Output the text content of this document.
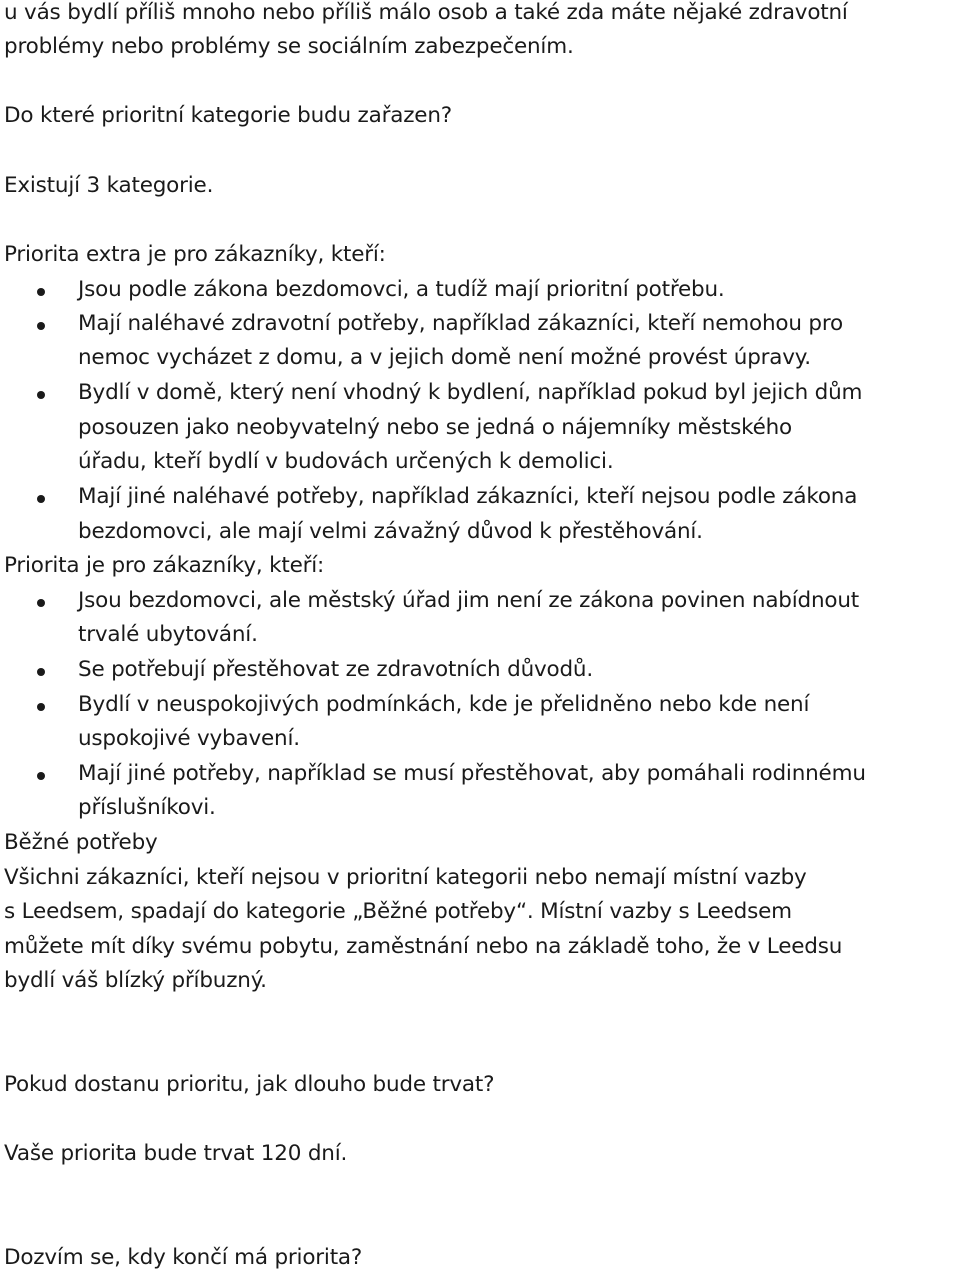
u vás bydlí příliš mnoho nebo příliš málo osob a také zda máte nějaké zdravotní
problémy nebo problémy se sociálním zabezpečením.
Do které prioritní kategorie budu zařazen?
Existují 3 kategorie.
Priorita extra je pro zákazníky, kteří:
Jsou podle zákona bezdomovci, a tudíž mají prioritní potřebu.
Mají naléhavé zdravotní potřeby, například zákazníci, kteří nemohou pro
nemoc vycházet z domu, a v jejich domě není možné provést úpravy.
Bydlí v domě, který není vhodný k bydlení, například pokud byl jejich dům
posouzen jako neobyvatelný nebo se jedná o nájemníky městského
úřadu, kteří bydlí v budovách určených k demolici.
Mají jiné naléhavé potřeby, například zákazníci, kteří nejsou podle zákona
bezdomovci, ale mají velmi závažný důvod k přestěhování.
Priorita je pro zákazníky, kteří:
Jsou bezdomovci, ale městský úřad jim není ze zákona povinen nabídnout
trvalé ubytování.
Se potřebují přestěhovat ze zdravotních důvodů.
Bydlí v neuspokojivých podmínkách, kde je přelidněno nebo kde není
uspokojivé vybavení.
Mají jiné potřeby, například se musí přestěhovat, aby pomáhali rodinnému
příslušníkovi.
Běžné potřeby
Všichni zákazníci, kteří nejsou v prioritní kategorii nebo nemají místní vazby
s Leedsem, spadají do kategorie „Běžné potřeby“. Místní vazby s Leedsem
můžete mít díky svému pobytu, zaměstnání nebo na základě toho, že v Leedsu
bydlí váš blízký příbuzný.
Pokud dostanu prioritu, jak dlouho bude trvat?
Vaše priorita bude trvat 120 dní.
Dozvím se, kdy končí má priorita?
